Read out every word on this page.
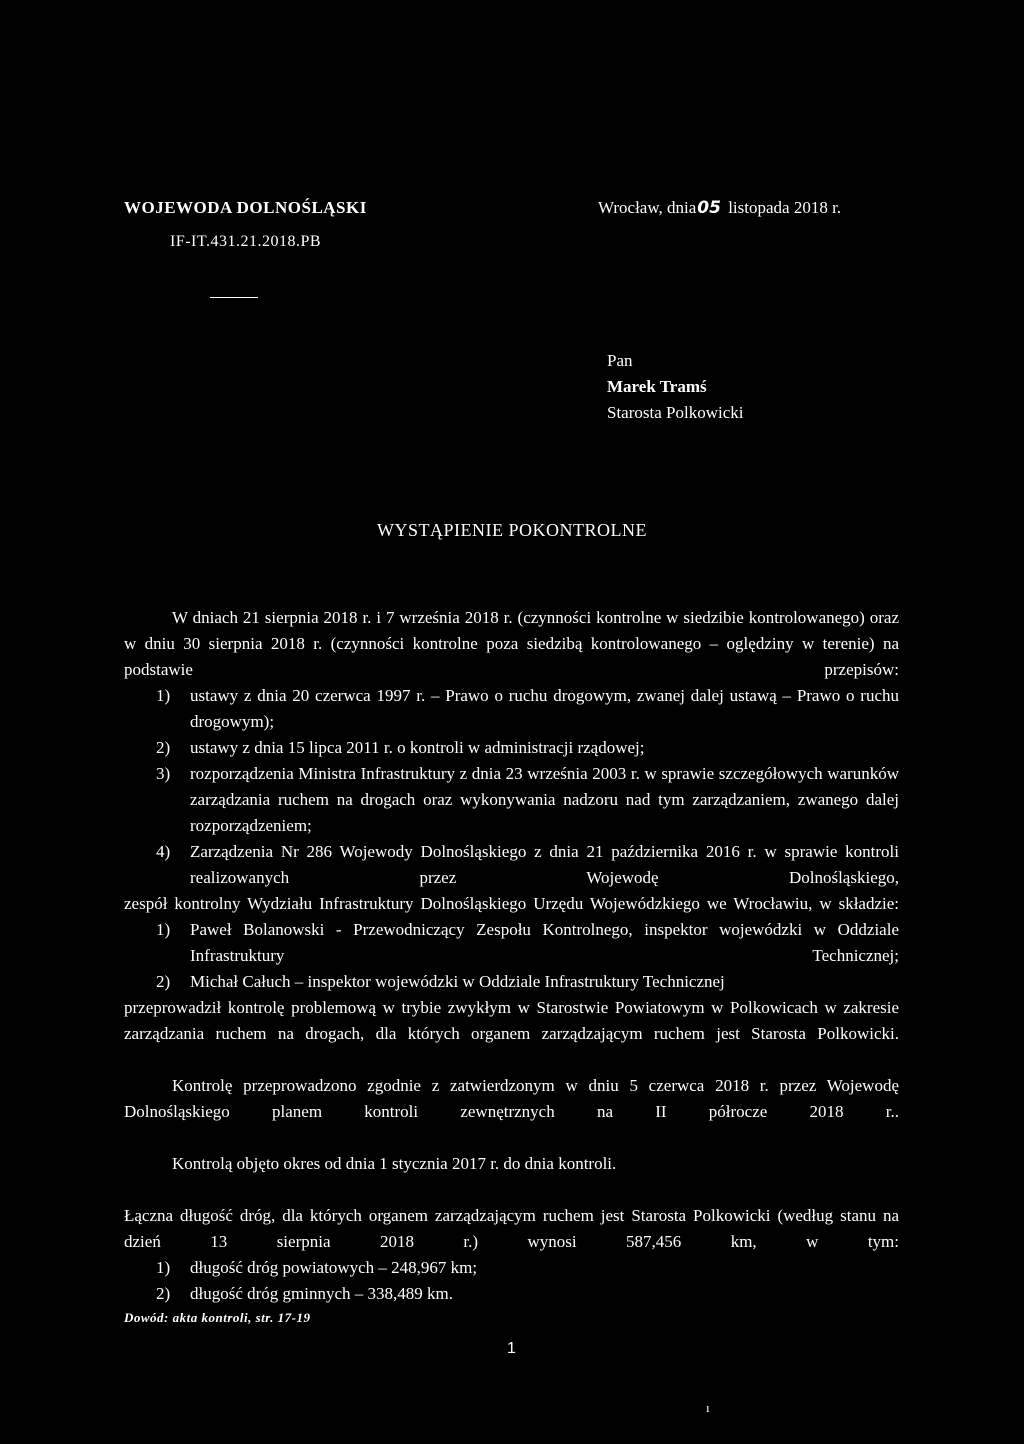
WOJEWODA DOLNOŚLĄSKI
IF-IT.431.21.2018.PB
Wrocław, dnia05 listopada 2018 r.
Pan
Marek Tramś
Starosta Polkowicki
WYSTĄPIENIE POKONTROLNE
W dniach 21 sierpnia 2018 r. i 7 września 2018 r. (czynności kontrolne w siedzibie kontrolowanego) oraz w dniu 30 sierpnia 2018 r. (czynności kontrolne poza siedzibą kontrolowanego – oględziny w terenie) na podstawie przepisów:
1) ustawy z dnia 20 czerwca 1997 r. – Prawo o ruchu drogowym, zwanej dalej ustawą – Prawo o ruchu drogowym);
2) ustawy z dnia 15 lipca 2011 r. o kontroli w administracji rządowej;
3) rozporządzenia Ministra Infrastruktury z dnia 23 września 2003 r. w sprawie szczegółowych warunków zarządzania ruchem na drogach oraz wykonywania nadzoru nad tym zarządzaniem, zwanego dalej rozporządzeniem;
4) Zarządzenia Nr 286 Wojewody Dolnośląskiego z dnia 21 października 2016 r. w sprawie kontroli realizowanych przez Wojewodę Dolnośląskiego,
zespół kontrolny Wydziału Infrastruktury Dolnośląskiego Urzędu Wojewódzkiego we Wrocławiu, w składzie:
1) Paweł Bolanowski - Przewodniczący Zespołu Kontrolnego, inspektor wojewódzki w Oddziale Infrastruktury Technicznej;
2) Michał Całuch – inspektor wojewódzki w Oddziale Infrastruktury Technicznej
przeprowadził kontrolę problemową w trybie zwykłym w Starostwie Powiatowym w Polkowicach w zakresie zarządzania ruchem na drogach, dla których organem zarządzającym ruchem jest Starosta Polkowicki.
Kontrolę przeprowadzono zgodnie z zatwierdzonym w dniu 5 czerwca 2018 r. przez Wojewodę Dolnośląskiego planem kontroli zewnętrznych na II półrocze 2018 r..
Kontrolą objęto okres od dnia 1 stycznia 2017 r. do dnia kontroli.
Łączna długość dróg, dla których organem zarządzającym ruchem jest Starosta Polkowicki (według stanu na dzień 13 sierpnia 2018 r.) wynosi 587,456 km, w tym:
1) długość dróg powiatowych – 248,967 km;
2) długość dróg gminnych – 338,489 km.
Dowód: akta kontroli, str. 17-19
1
ı
